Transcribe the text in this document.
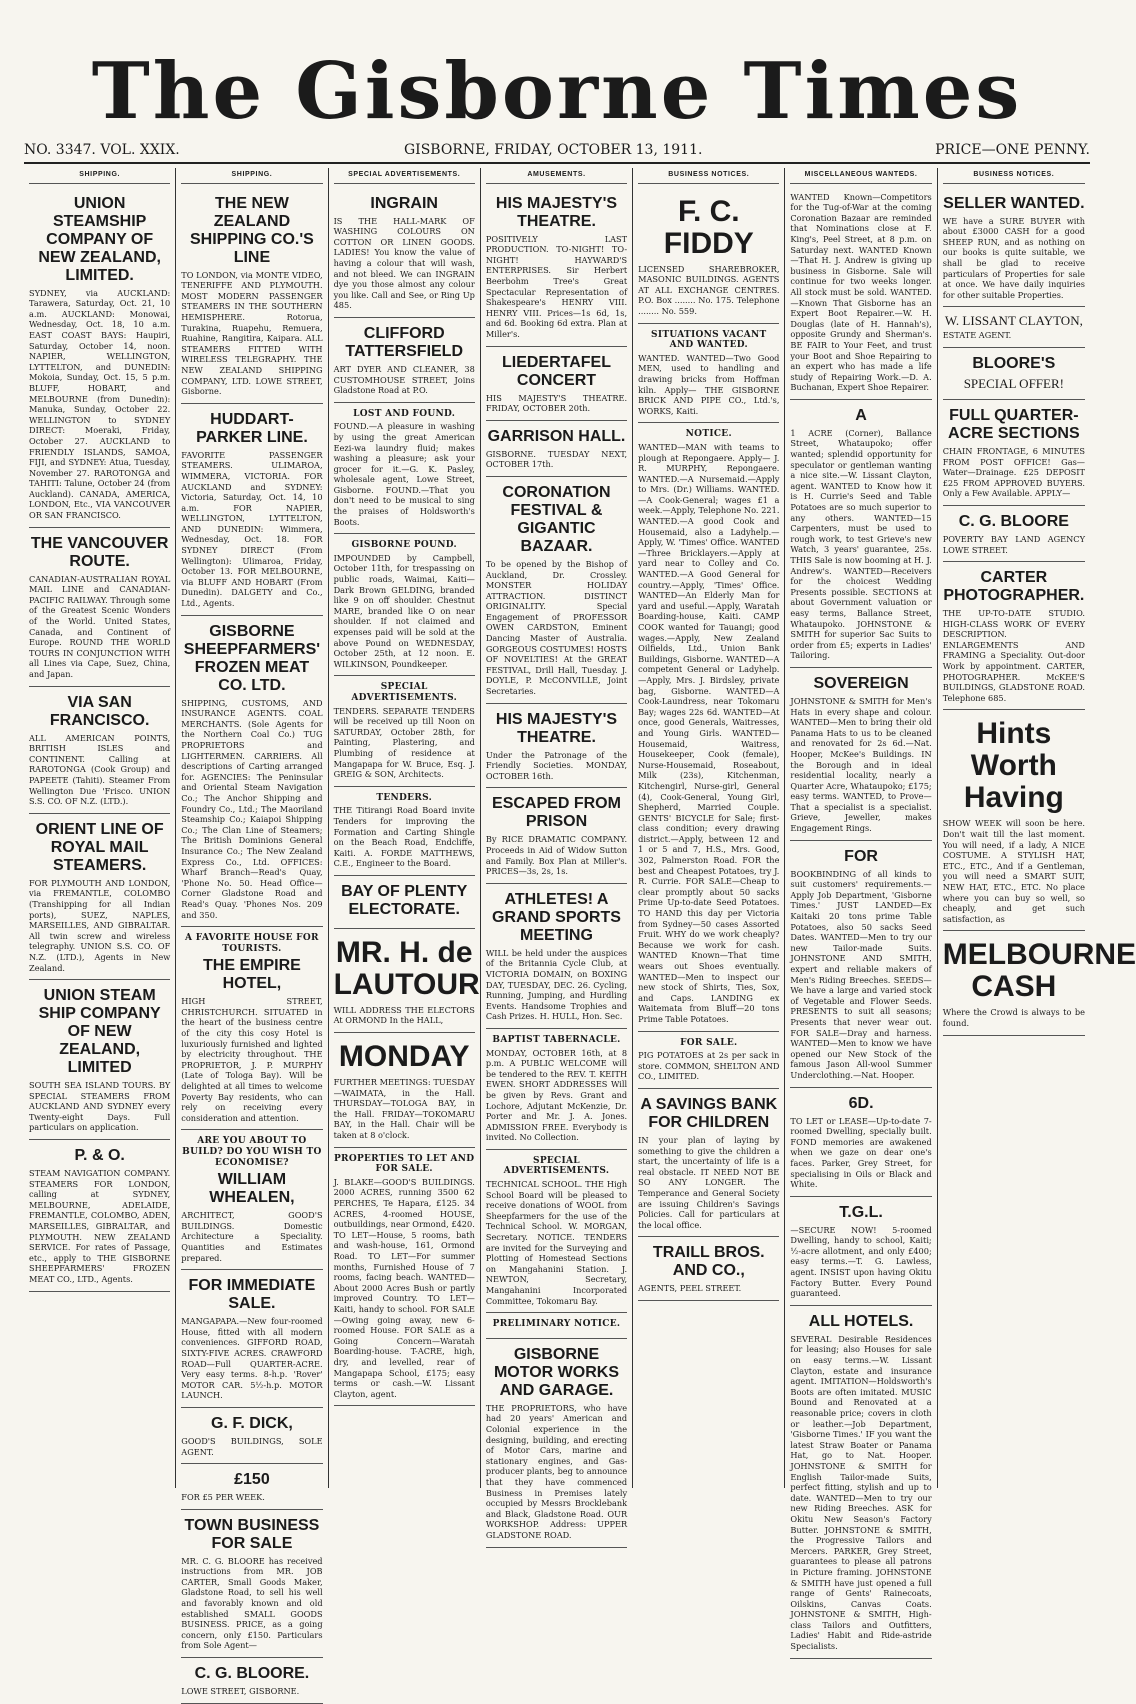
The Gisborne Times
NO. 3347. VOL. XXIX.	GISBORNE, FRIDAY, OCTOBER 13, 1911.	PRICE—ONE PENNY.
SHIPPING.
UNION STEAMSHIP COMPANY OF NEW ZEALAND, LIMITED.
SYDNEY, via AUCKLAND: Tarawera, Saturday, Oct. 21, 10 a.m. AUCKLAND: Monowai, Wednesday, Oct. 18, 10 a.m. EAST COAST BAYS: Haupiri, Saturday, October 14, noon. NAPIER, WELLINGTON, LYTTELTON, and DUNEDIN: Mokoia, Sunday, Oct. 15, 5 p.m. BLUFF, HOBART, and MELBOURNE (from Dunedin): Manuka, Sunday, October 22. WELLINGTON to SYDNEY DIRECT: Moeraki, Friday, October 27. AUCKLAND to FRIENDLY ISLANDS, SAMOA, FIJI, and SYDNEY: Atua, Tuesday, November 27. RAROTONGA and TAHITI: Talune, October 24 (from Auckland). CANADA, AMERICA, LONDON, Etc., VIA VANCOUVER OR SAN FRANCISCO.
THE VANCOUVER ROUTE.
CANADIAN-AUSTRALIAN ROYAL MAIL LINE and CANADIAN-PACIFIC RAILWAY. Through some of the Greatest Scenic Wonders of the World. United States, Canada, and Continent of Europe. ROUND THE WORLD TOURS IN CONJUNCTION WITH all Lines via Cape, Suez, China, and Japan.
VIA SAN FRANCISCO.
ALL AMERICAN POINTS, BRITISH ISLES and CONTINENT. Calling at RAROTONGA (Cook Group) and PAPEETE (Tahiti). Steamer From Wellington Due 'Frisco. UNION S.S. CO. OF N.Z. (LTD.).
ORIENT LINE OF ROYAL MAIL STEAMERS.
FOR PLYMOUTH AND LONDON, via FREMANTLE, COLOMBO (Transhipping for all Indian ports), SUEZ, NAPLES, MARSEILLES, AND GIBRALTAR. All twin screw and wireless telegraphy. UNION S.S. CO. OF N.Z. (LTD.), Agents in New Zealand.
UNION STEAM SHIP COMPANY OF NEW ZEALAND, LIMITED
SOUTH SEA ISLAND TOURS. BY SPECIAL STEAMERS FROM AUCKLAND AND SYDNEY every Twenty-eight Days. Full particulars on application.
P. & O.
STEAM NAVIGATION COMPANY. STEAMERS FOR LONDON, calling at SYDNEY, MELBOURNE, ADELAIDE, FREMANTLE, COLOMBO, ADEN, MARSEILLES, GIBRALTAR, and PLYMOUTH. NEW ZEALAND SERVICE. For rates of Passage, etc., apply to THE GISBORNE SHEEPFARMERS' FROZEN MEAT CO., LTD., Agents.
SHIPPING.
THE NEW ZEALAND SHIPPING CO.'S LINE
TO LONDON, via MONTE VIDEO, TENERIFFE AND PLYMOUTH. MOST MODERN PASSENGER STEAMERS IN THE SOUTHERN HEMISPHERE. Rotorua, Turakina, Ruapehu, Remuera, Ruahine, Rangitira, Kaipara. ALL STEAMERS FITTED WITH WIRELESS TELEGRAPHY. THE NEW ZEALAND SHIPPING COMPANY, LTD. LOWE STREET, Gisborne.
HUDDART-PARKER LINE.
FAVORITE PASSENGER STEAMERS. ULIMAROA, WIMMERA, VICTORIA. FOR AUCKLAND and SYDNEY: Victoria, Saturday, Oct. 14, 10 a.m. FOR NAPIER, WELLINGTON, LYTTELTON, AND DUNEDIN: Wimmera, Wednesday, Oct. 18. FOR SYDNEY DIRECT (From Wellington): Ulimaroa, Friday, October 13. FOR MELBOURNE, via BLUFF AND HOBART (From Dunedin). DALGETY and Co., Ltd., Agents.
GISBORNE SHEEPFARMERS' FROZEN MEAT CO. LTD.
SHIPPING, CUSTOMS, AND INSURANCE AGENTS. COAL MERCHANTS. (Sole Agents for the Northern Coal Co.) TUG PROPRIETORS and LIGHTERMEN. CARRIERS. All descriptions of Carting arranged for. AGENCIES: The Peninsular and Oriental Steam Navigation Co.; The Anchor Shipping and Foundry Co., Ltd.; The Maoriland Steamship Co.; Kaiapoi Shipping Co.; The Clan Line of Steamers; The British Dominions General Insurance Co.; The New Zealand Express Co., Ltd. OFFICES: Wharf Branch—Read's Quay, 'Phone No. 50. Head Office—Corner Gladstone Road and Read's Quay. 'Phones Nos. 209 and 350.
A FAVORITE HOUSE FOR TOURISTS.
THE EMPIRE HOTEL,
HIGH STREET, CHRISTCHURCH. SITUATED in the heart of the business centre of the city this cosy Hotel is luxuriously furnished and lighted by electricity throughout. THE PROPRIETOR, J. P. MURPHY (Late of Tologa Bay). Will be delighted at all times to welcome Poverty Bay residents, who can rely on receiving every consideration and attention.
ARE YOU ABOUT TO BUILD? DO YOU WISH TO ECONOMISE?
WILLIAM WHEALEN,
ARCHITECT, GOOD'S BUILDINGS. Domestic Architecture a Speciality. Quantities and Estimates prepared.
FOR IMMEDIATE SALE.
MANGAPAPA.—New four-roomed House, fitted with all modern conveniences. GIFFORD ROAD, SIXTY-FIVE ACRES. CRAWFORD ROAD—Full QUARTER-ACRE. Very easy terms. 8-h.p. 'Rover' MOTOR CAR. 5½-h.p. MOTOR LAUNCH.
G. F. DICK,
GOOD'S BUILDINGS, SOLE AGENT.
£150
FOR £5 PER WEEK.
TOWN BUSINESS FOR SALE
MR. C. G. BLOORE has received instructions from MR. JOB CARTER, Small Goods Maker, Gladstone Road, to sell his well and favorably known and old established SMALL GOODS BUSINESS. PRICE, as a going concern, only £150. Particulars from Sole Agent—
C. G. BLOORE.
LOWE STREET, GISBORNE.
SPECIAL ADVERTISEMENTS.
INGRAIN
IS THE HALL-MARK OF WASHING COLOURS ON COTTON OR LINEN GOODS. LADIES! You know the value of having a colour that will wash, and not bleed. We can INGRAIN dye you those almost any colour you like. Call and See, or Ring Up 485.
CLIFFORD TATTERSFIELD
ART DYER AND CLEANER, 38 CUSTOMHOUSE STREET, Joins Gladstone Road at P.O.
LOST AND FOUND.
FOUND.—A pleasure in washing by using the great American Eezi-wa laundry fluid; makes washing a pleasure; ask your grocer for it.—G. K. Pasley, wholesale agent, Lowe Street, Gisborne. FOUND.—That you don't need to be musical to sing the praises of Holdsworth's Boots.
GISBORNE POUND.
IMPOUNDED by Campbell, October 11th, for trespassing on public roads, Waimai, Kaiti— Dark Brown GELDING, branded like 9 on off shoulder. Chestnut MARE, branded like O on near shoulder. If not claimed and expenses paid will be sold at the above Pound on WEDNESDAY, October 25th, at 12 noon. E. WILKINSON, Poundkeeper.
SPECIAL ADVERTISEMENTS.
TENDERS. SEPARATE TENDERS will be received up till Noon on SATURDAY, October 28th, for Painting, Plastering, and Plumbing of residence at Mangapapa for W. Bruce, Esq. J. GREIG & SON, Architects.
TENDERS.
THE Titirangi Road Board invite Tenders for improving the Formation and Carting Shingle on the Beach Road, Endcliffe, Kaiti. A. FORDE MATTHEWS, C.E., Engineer to the Board.
BAY OF PLENTY ELECTORATE.
MR. H. de LAUTOUR
WILL ADDRESS THE ELECTORS At ORMOND In the HALL,
MONDAY
FURTHER MEETINGS: TUESDAY—WAIMATA, in the Hall. THURSDAY—TOLOGA BAY, in the Hall. FRIDAY—TOKOMARU BAY, in the Hall. Chair will be taken at 8 o'clock.
PROPERTIES TO LET AND FOR SALE.
J. BLAKE—GOOD'S BUILDINGS. 2000 ACRES, running 3500 62 PERCHES, Te Hapara, £125. 34 ACRES, 4-roomed HOUSE, outbuildings, near Ormond, £420. TO LET—House, 5 rooms, bath and wash-house, 161, Ormond Road. TO LET—For summer months, Furnished House of 7 rooms, facing beach. WANTED—About 2000 Acres Bush or partly improved Country. TO LET—Kaiti, handy to school. FOR SALE—Owing going away, new 6-roomed House. FOR SALE as a Going Concern—Waratah Boarding-house. T-ACRE, high, dry, and levelled, rear of Mangapapa School, £175; easy terms or cash.—W. Lissant Clayton, agent.
AMUSEMENTS.
HIS MAJESTY'S THEATRE.
POSITIVELY LAST PRODUCTION. TO-NIGHT! TO-NIGHT! HAYWARD'S ENTERPRISES. Sir Herbert Beerbohm Tree's Great Spectacular Representation of Shakespeare's HENRY VIII. HENRY VIII. Prices—1s 6d, 1s, and 6d. Booking 6d extra. Plan at Miller's.
LIEDERTAFEL CONCERT
HIS MAJESTY'S THEATRE. FRIDAY, OCTOBER 20th.
GARRISON HALL.
GISBORNE. TUESDAY NEXT, OCTOBER 17th.
CORONATION FESTIVAL & GIGANTIC BAZAAR.
To be opened by the Bishop of Auckland, Dr. Crossley. MONSTER HOLIDAY ATTRACTION. DISTINCT ORIGINALITY. Special Engagement of PROFESSOR OWEN CARDSTON, Eminent Dancing Master of Australia. GORGEOUS COSTUMES! HOSTS OF NOVELTIES! At the GREAT FESTIVAL, Drill Hall, Tuesday. J. DOYLE, P. McCONVILLE, Joint Secretaries.
HIS MAJESTY'S THEATRE.
Under the Patronage of the Friendly Societies. MONDAY, OCTOBER 16th.
ESCAPED FROM PRISON
By RICE DRAMATIC COMPANY. Proceeds in Aid of Widow Sutton and Family. Box Plan at Miller's. PRICES—3s, 2s, 1s.
ATHLETES! A GRAND SPORTS MEETING
WILL be held under the auspices of the Britannia Cycle Club, at VICTORIA DOMAIN, on BOXING DAY, TUESDAY, DEC. 26. Cycling, Running, Jumping, and Hurdling Events. Handsome Trophies and Cash Prizes. H. HULL, Hon. Sec.
BAPTIST TABERNACLE.
MONDAY, OCTOBER 16th, at 8 p.m. A PUBLIC WELCOME will be tendered to the REV. T. KEITH EWEN. SHORT ADDRESSES Will be given by Revs. Grant and Lochore, Adjutant McKenzie, Dr. Porter and Mr. J. A. Jones. ADMISSION FREE. Everybody is invited. No Collection.
SPECIAL ADVERTISEMENTS.
TECHNICAL SCHOOL. THE High School Board will be pleased to receive donations of WOOL from Sheepfarmers for the use of the Technical School. W. MORGAN, Secretary. NOTICE. TENDERS are invited for the Surveying and Plotting of Homestead Sections on Mangahanini Station. J. NEWTON, Secretary, Mangahanini Incorporated Committee, Tokomaru Bay.
PRELIMINARY NOTICE.
GISBORNE MOTOR WORKS AND GARAGE.
THE PROPRIETORS, who have had 20 years' American and Colonial experience in the designing, building, and erecting of Motor Cars, marine and stationary engines, and Gas-producer plants, beg to announce that they have commenced Business in Premises lately occupied by Messrs Brocklebank and Black, Gladstone Road. OUR WORKSHOP. Address: UPPER GLADSTONE ROAD.
BUSINESS NOTICES.
F. C. FIDDY
LICENSED SHAREBROKER, MASONIC BUILDINGS. AGENTS AT ALL EXCHANGE CENTRES. P.O. Box ........ No. 175. Telephone ........ No. 559.
SITUATIONS VACANT AND WANTED.
WANTED. WANTED—Two Good MEN, used to handling and drawing bricks from Hoffman kiln. Apply— THE GISBORNE BRICK AND PIPE CO., Ltd.'s, WORKS, Kaiti.
NOTICE.
WANTED—MAN with teams to plough at Repongaere. Apply— J. R. MURPHY, Repongaere. WANTED.—A Nursemaid.—Apply to Mrs. (Dr.) Williams. WANTED.—A Cook-General; wages £1 a week.—Apply, Telephone No. 221. WANTED.—A good Cook and Housemaid, also a Ladyhelp.—Apply, W. 'Times' Office. WANTED—Three Bricklayers.—Apply at yard near to Colley and Co. WANTED.—A Good General for country.—Apply, 'Times' Office. WANTED—An Elderly Man for yard and useful.—Apply, Waratah Boarding-house, Kaiti. CAMP COOK wanted for Tauangi; good wages.—Apply, New Zealand Oilfields, Ltd., Union Bank Buildings, Gisborne. WANTED—A competent General or Ladyhelp.—Apply, Mrs. J. Birdsley, private bag, Gisborne. WANTED—A Cook-Laundress, near Tokomaru Bay; wages 22s 6d. WANTED—At once, good Generals, Waitresses, and Young Girls. WANTED—Housemaid, Waitress, Housekeeper, Cook (female), Nurse-Housemaid, Roseabout, Milk (23s), Kitchenman, Kitchengirl, Nurse-girl, General (4), Cook-General, Young Girl, Shepherd, Married Couple. GENTS' BICYCLE for Sale; first-class condition; every drawing district.—Apply, between 12 and 1 or 5 and 7, H.S., Mrs. Good, 302, Palmerston Road. FOR the best and Cheapest Potatoes, try J. R. Currie. FOR SALE—Cheap to clear promptly about 50 sacks Prime Up-to-date Seed Potatoes. TO HAND this day per Victoria from Sydney—50 cases Assorted Fruit. WHY do we work cheaply? Because we work for cash. WANTED Known—That time wears out Shoes eventually. WANTED—Men to inspect our new stock of Shirts, Ties, Sox, and Caps. LANDING ex Waitemata from Bluff—20 tons Prime Table Potatoes.
FOR SALE.
PIG POTATOES at 2s per sack in store. COMMON, SHELTON AND CO., LIMITED.
A SAVINGS BANK FOR CHILDREN
IN your plan of laying by something to give the children a start, the uncertainty of life is a real obstacle. IT NEED NOT BE SO ANY LONGER. The Temperance and General Society are issuing Children's Savings Policies. Call for particulars at the local office.
TRAILL BROS. AND CO.,
AGENTS, PEEL STREET.
MISCELLANEOUS WANTEDS.
WANTED Known—Competitors for the Tug-of-War at the coming Coronation Bazaar are reminded that Nominations close at F. King's, Peel Street, at 8 p.m. on Saturday next. WANTED Known—That H. J. Andrew is giving up business in Gisborne. Sale will continue for two weeks longer. All stock must be sold. WANTED.—Known That Gisborne has an Expert Boot Repairer.—W. H. Douglas (late of H. Hannah's), opposite Grundy and Sherman's. BE FAIR to Your Feet, and trust your Boot and Shoe Repairing to an expert who has made a life study of Repairing Work.—D. A. Buchanan, Expert Shoe Repairer.
A
1 ACRE (Corner), Ballance Street, Whataupoko; offer wanted; splendid opportunity for speculator or gentleman wanting a nice site.—W. Lissant Clayton, agent. WANTED to Know how it is H. Currie's Seed and Table Potatoes are so much superior to any others. WANTED—15 Carpenters, must be used to rough work, to test Grieve's new Watch, 3 years' guarantee, 25s. THIS Sale is now booming at H. J. Andrew's. WANTED—Receivers for the choicest Wedding Presents possible. SECTIONS at about Government valuation or easy terms, Ballance Street, Whataupoko. JOHNSTONE & SMITH for superior Sac Suits to order from £5; experts in Ladies' Tailoring.
SOVEREIGN
JOHNSTONE & SMITH for Men's Hats in every shape and colour. WANTED—Men to bring their old Panama Hats to us to be cleaned and renovated for 2s 6d.—Nat. Hooper, McKee's Buildings. IN the Borough and in ideal residential locality, nearly a Quarter Acre, Whataupoko; £175; easy terms. WANTED, to Prove—That a specialist is a specialist. Grieve, Jeweller, makes Engagement Rings.
FOR
BOOKBINDING of all kinds to suit customers' requirements.—Apply Job Department, 'Gisborne Times.' JUST LANDED—Ex Kaitaki 20 tons prime Table Potatoes, also 50 sacks Seed Dates. WANTED—Men to try our new Tailor-made Suits. JOHNSTONE AND SMITH, expert and reliable makers of Men's Riding Breeches. SEEDS—We have a large and varied stock of Vegetable and Flower Seeds. PRESENTS to suit all seasons; Presents that never wear out. FOR SALE—Dray and harness. WANTED—Men to know we have opened our New Stock of the famous Jason All-wool Summer Underclothing.—Nat. Hooper.
6D.
TO LET or LEASE—Up-to-date 7-roomed Dwelling, specially built. FOND memories are awakened when we gaze on dear one's faces. Parker, Grey Street, for specialising in Oils or Black and White.
T.G.L.
—SECURE NOW! 5-roomed Dwelling, handy to school, Kaiti; ½-acre allotment, and only £400; easy terms.—T. G. Lawless, agent. INSIST upon having Okitu Factory Butter. Every Pound guaranteed.
ALL HOTELS.
SEVERAL Desirable Residences for leasing; also Houses for sale on easy terms.—W. Lissant Clayton, estate and insurance agent. IMITATION—Holdsworth's Boots are often imitated. MUSIC Bound and Renovated at a reasonable price; covers in cloth or leather.—Job Department, 'Gisborne Times.' IF you want the latest Straw Boater or Panama Hat, go to Nat. Hooper. JOHNSTONE & SMITH for English Tailor-made Suits, perfect fitting, stylish and up to date. WANTED—Men to try our new Riding Breeches. ASK for Okitu New Season's Factory Butter. JOHNSTONE & SMITH, the Progressive Tailors and Mercers. PARKER, Grey Street, guarantees to please all patrons in Picture framing. JOHNSTONE & SMITH have just opened a full range of Gents' Rainecoats, Oilskins, Canvas Coats. JOHNSTONE & SMITH, High-class Tailors and Outfitters, Ladies' Habit and Ride-astride Specialists.
BUSINESS NOTICES.
SELLER WANTED.
WE have a SURE BUYER with about £3000 CASH for a good SHEEP RUN, and as nothing on our books is quite suitable, we shall be glad to receive particulars of Properties for sale at once. We have daily inquiries for other suitable Properties.
W. LISSANT CLAYTON,
ESTATE AGENT.
BLOORE'S
SPECIAL OFFER!
FULL QUARTER-ACRE SECTIONS
CHAIN FRONTAGE, 6 MINUTES FROM POST OFFICE! Gas—Water—Drainage. £25 DEPOSIT £25 FROM APPROVED BUYERS. Only a Few Available. APPLY—
C. G. BLOORE
POVERTY BAY LAND AGENCY LOWE STREET.
CARTER PHOTOGRAPHER.
THE UP-TO-DATE STUDIO. HIGH-CLASS WORK OF EVERY DESCRIPTION. ENLARGEMENTS AND FRAMING a Speciality. Out-door Work by appointment. CARTER, PHOTOGRAPHER. McKEE'S BUILDINGS, GLADSTONE ROAD. Telephone 685.
Hints Worth Having
SHOW WEEK will soon be here. Don't wait till the last moment. You will need, if a lady, A NICE COSTUME. A STYLISH HAT, ETC., ETC., And if a Gentleman, you will need a SMART SUIT, NEW HAT, ETC., ETC. No place where you can buy so well, so cheaply, and get such satisfaction, as
MELBOURNE CASH
Where the Crowd is always to be found.
